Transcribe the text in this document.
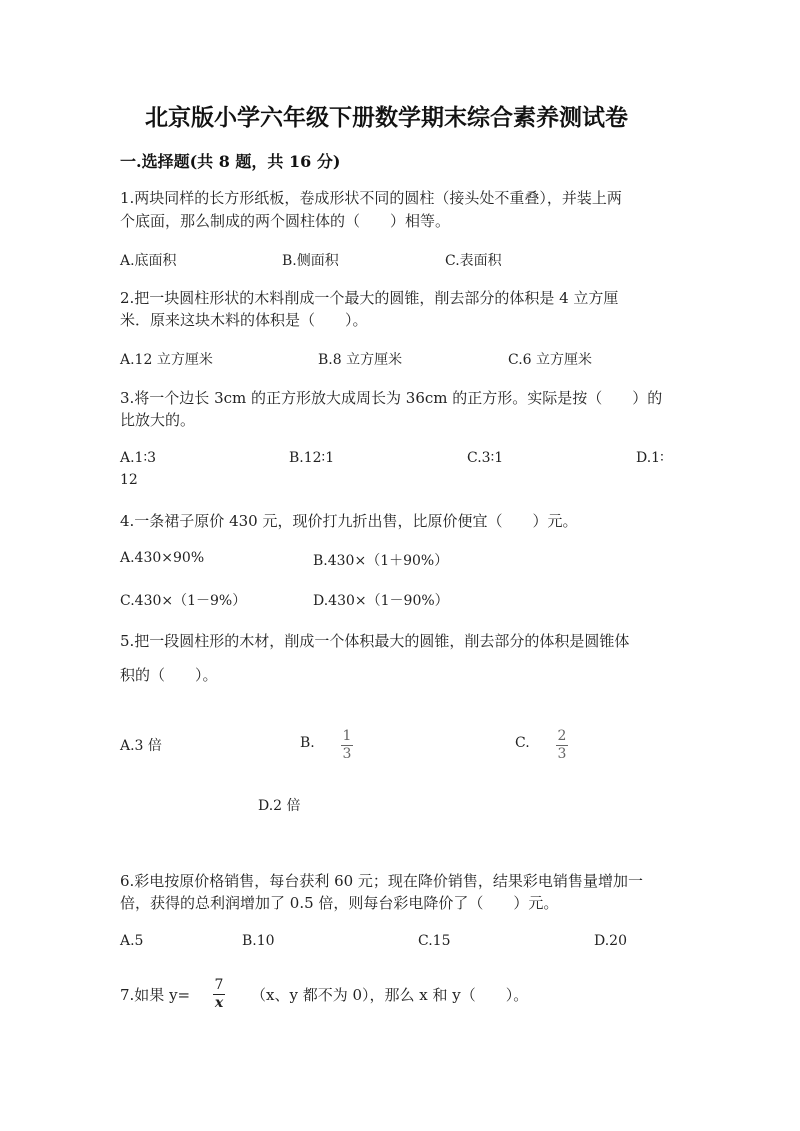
北京版小学六年级下册数学期末综合素养测试卷
一.选择题(共 8 题，共 16 分)
1.两块同样的长方形纸板，卷成形状不同的圆柱（接头处不重叠），并装上两
个底面，那么制成的两个圆柱体的（　　）相等。
A.底面积	B.侧面积	C.表面积
2.把一块圆柱形状的木料削成一个最大的圆锥，削去部分的体积是 4 立方厘
米．原来这块木料的体积是（　　）。
A.12 立方厘米	B.8 立方厘米	C.6 立方厘米
3.将一个边长 3cm 的正方形放大成周长为 36cm 的正方形。实际是按（　　）的
比放大的。
A.1∶3	B.12∶1	C.3∶1	D.1∶
12
4.一条裙子原价 430 元，现价打九折出售，比原价便宜（　　）元。
A.430×90%	B.430×（1＋90%）
C.430×（1－9%）	D.430×（1－90%）
5.把一段圆柱形的木材，削成一个体积最大的圆锥，削去部分的体积是圆锥体
积的（　　）。
A.3 倍	B. 1
3
C. 2
3
D.2 倍
6.彩电按原价格销售，每台获利 60 元；现在降价销售，结果彩电销售量增加一
倍，获得的总利润增加了 0.5 倍，则每台彩电降价了（　　）元。
A.5	B.10	C.15	D.20
7.如果 y=
7
x （x、y 都不为 0），那么 x 和 y（　　）。
